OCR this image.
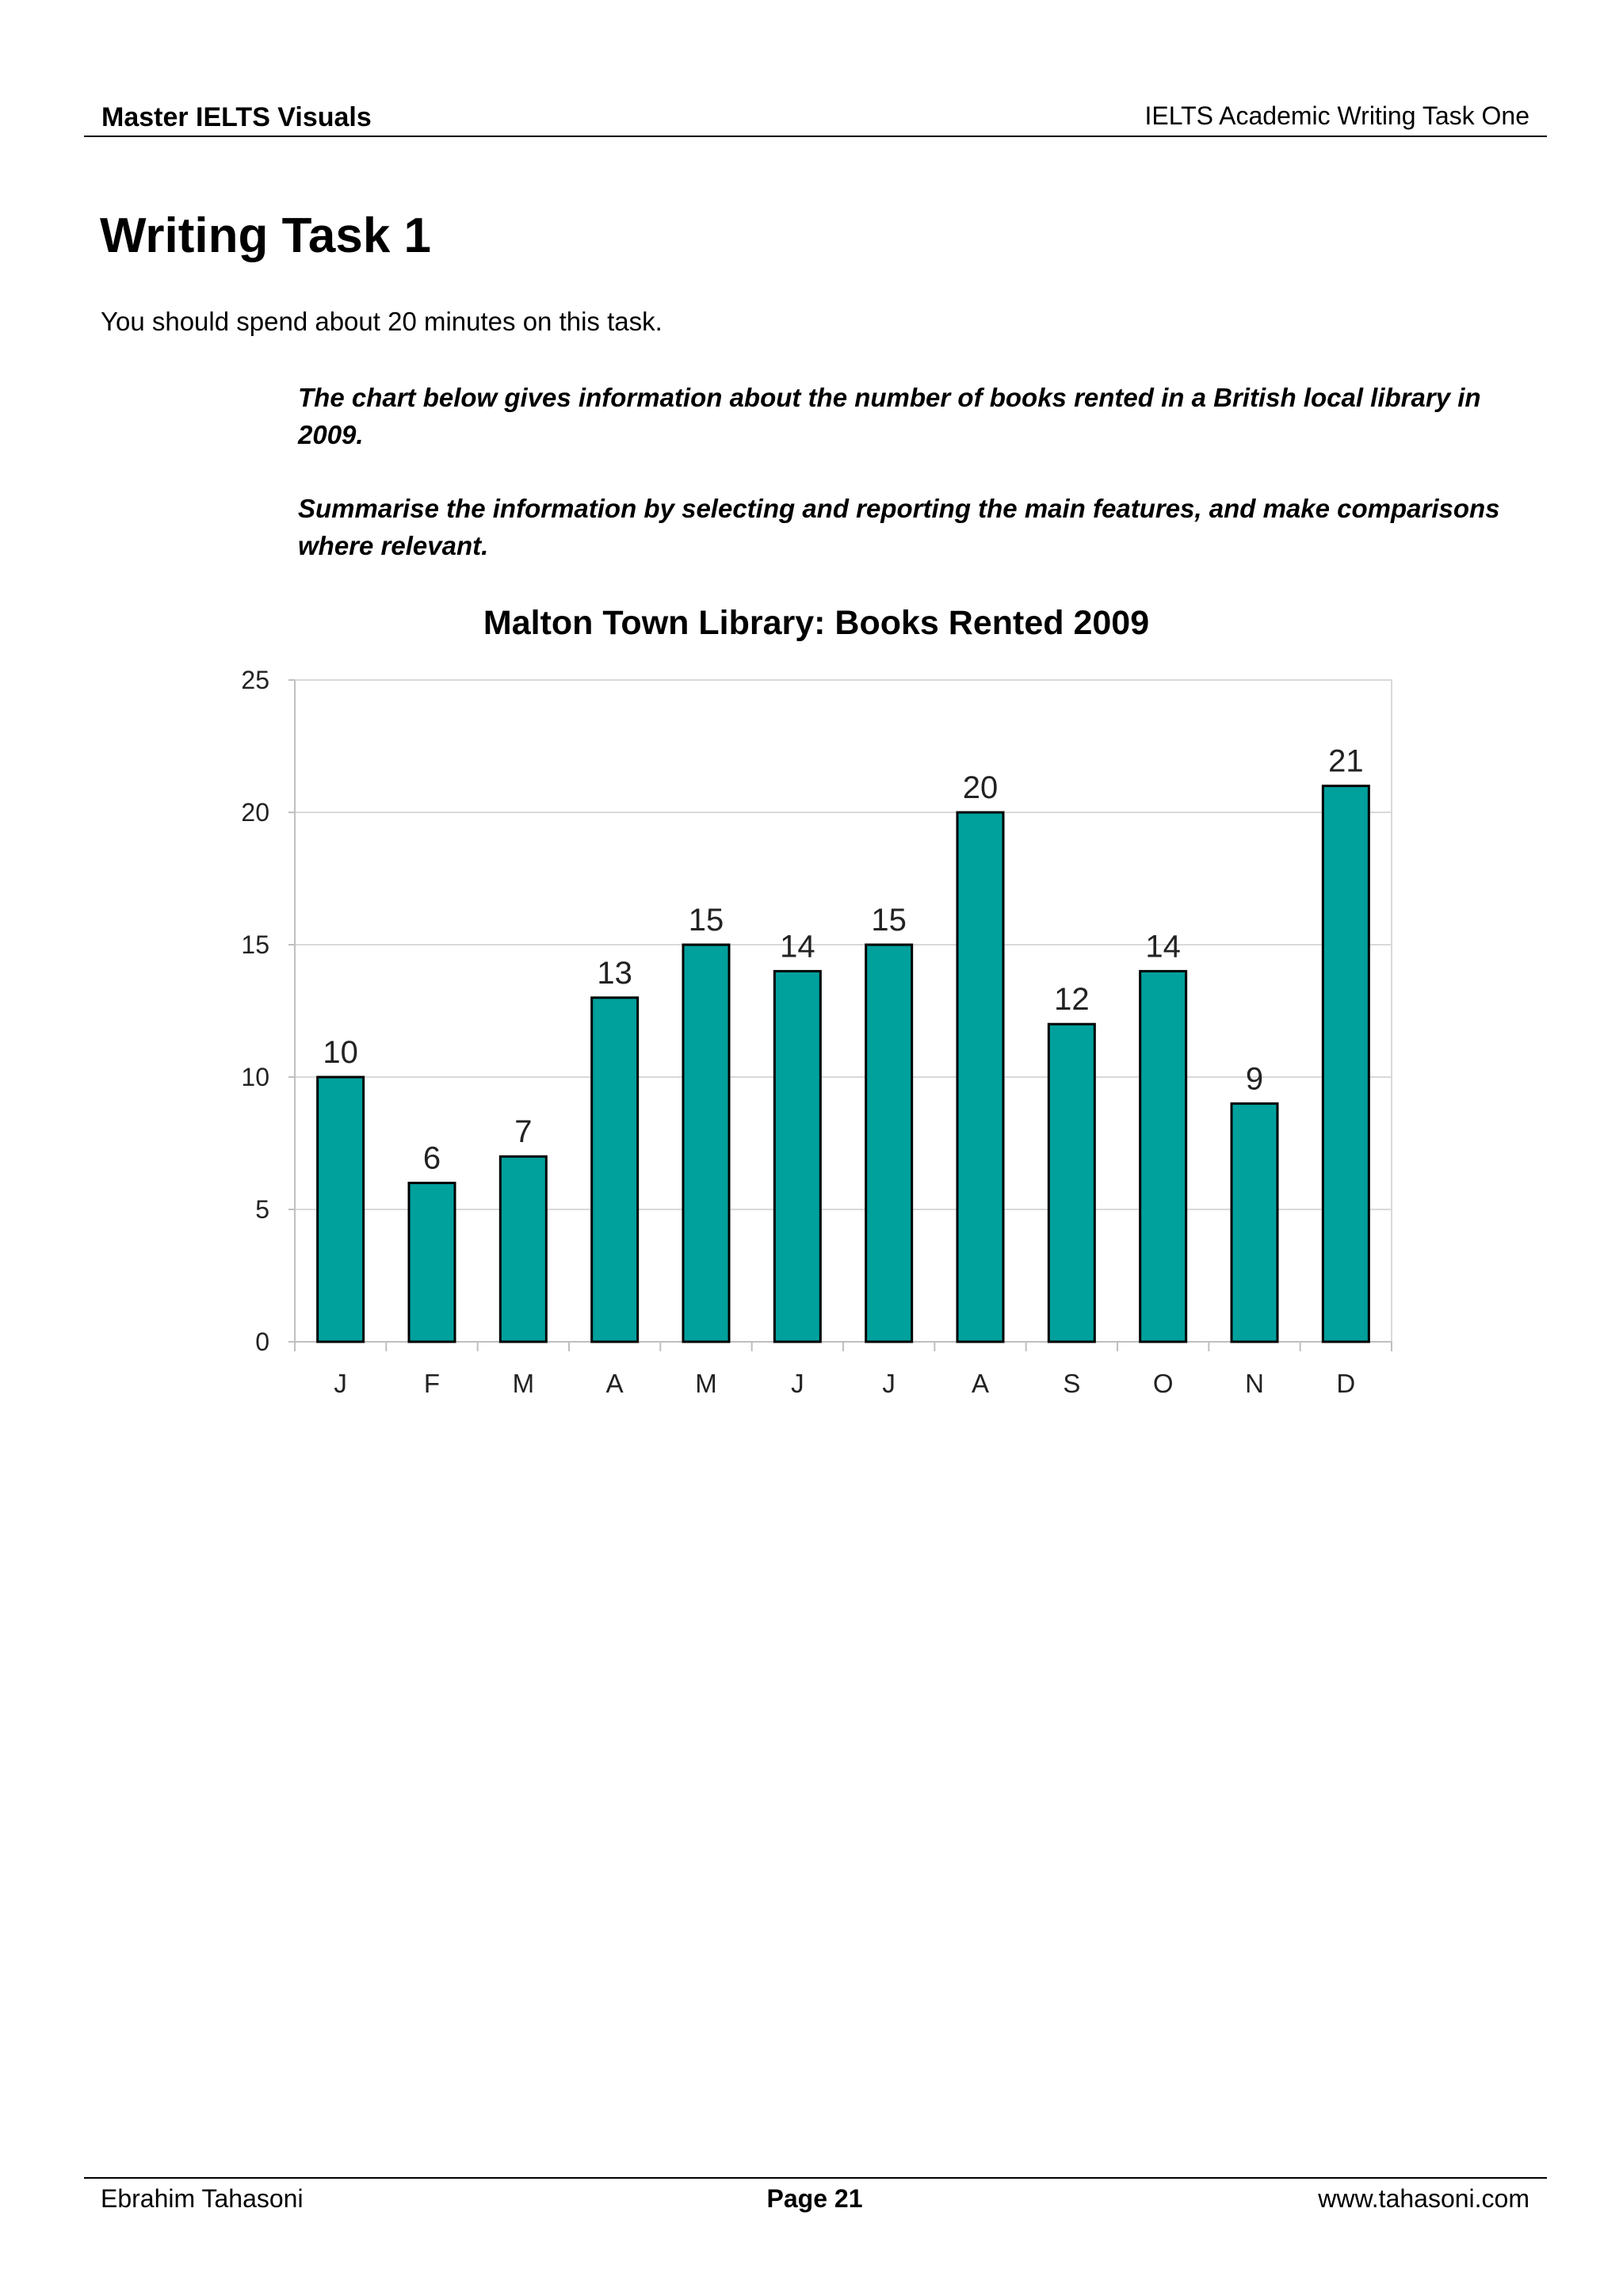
Master IELTS Visuals	IELTS Academic Writing Task One
Writing Task 1
You should spend about 20 minutes on this task.
The chart below gives information about the number of books rented in a British local library in 2009.
Summarise the information by selecting and reporting the main features, and make comparisons where relevant.
Malton Town Library: Books Rented 2009
0
5
10
15
20
25
10
6
7
13
15
14
15
20
12
14
9
21
J	F	M	A	M	J	J	A	S	O	N	D
Ebrahim Tahasoni	Page 21	www.tahasoni.com
